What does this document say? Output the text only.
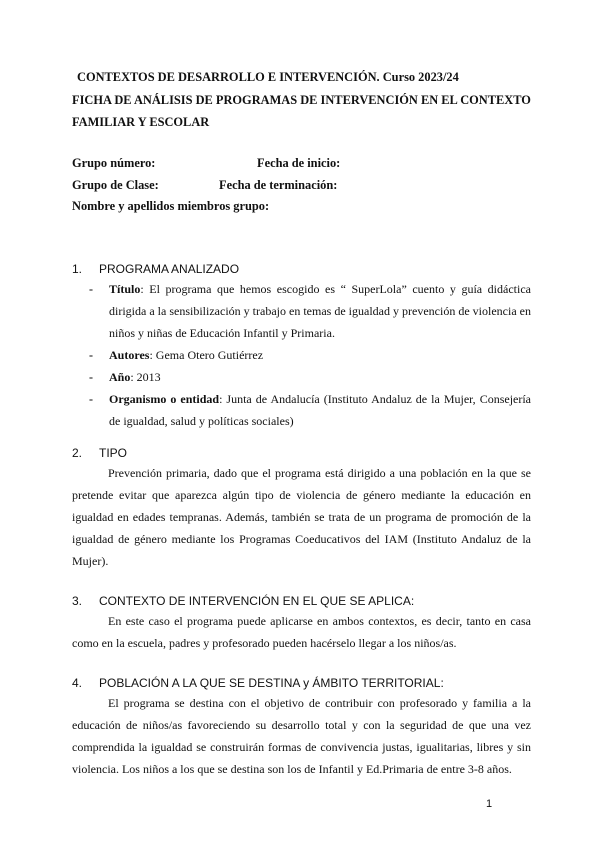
CONTEXTOS DE DESARROLLO E INTERVENCIÓN. Curso 2023/24
FICHA DE ANÁLISIS DE PROGRAMAS DE INTERVENCIÓN EN EL CONTEXTO
FAMILIAR Y ESCOLAR
Grupo número:	Fecha de inicio:
Grupo de Clase:	Fecha de terminación:
Nombre y apellidos miembros grupo:
1. PROGRAMA ANALIZADO
- Título: El programa que hemos escogido es “ SuperLola” cuento y guía didáctica dirigida a la sensibilización y trabajo en temas de igualdad y prevención de violencia en niños y niñas de Educación Infantil y Primaria.
- Autores: Gema Otero Gutiérrez
- Año: 2013
- Organismo o entidad: Junta de Andalucía (Instituto Andaluz de la Mujer, Consejería de igualdad, salud y políticas sociales)
2. TIPO
Prevención primaria, dado que el programa está dirigido a una población en la que se pretende evitar que aparezca algún tipo de violencia de género mediante la educación en igualdad en edades tempranas. Además, también se trata de un programa de promoción de la igualdad de género mediante los Programas Coeducativos del IAM (Instituto Andaluz de la Mujer).
3. CONTEXTO DE INTERVENCIÓN EN EL QUE SE APLICA:
En este caso el programa puede aplicarse en ambos contextos, es decir, tanto en casa como en la escuela, padres y profesorado pueden hacérselo llegar a los niños/as.
4. POBLACIÓN A LA QUE SE DESTINA y ÁMBITO TERRITORIAL:
El programa se destina con el objetivo de contribuir con profesorado y familia a la educación de niños/as favoreciendo su desarrollo total y con la seguridad de que una vez comprendida la igualdad se construirán formas de convivencia justas, igualitarias, libres y sin violencia. Los niños a los que se destina son los de Infantil y Ed.Primaria de entre 3-8 años.
1
